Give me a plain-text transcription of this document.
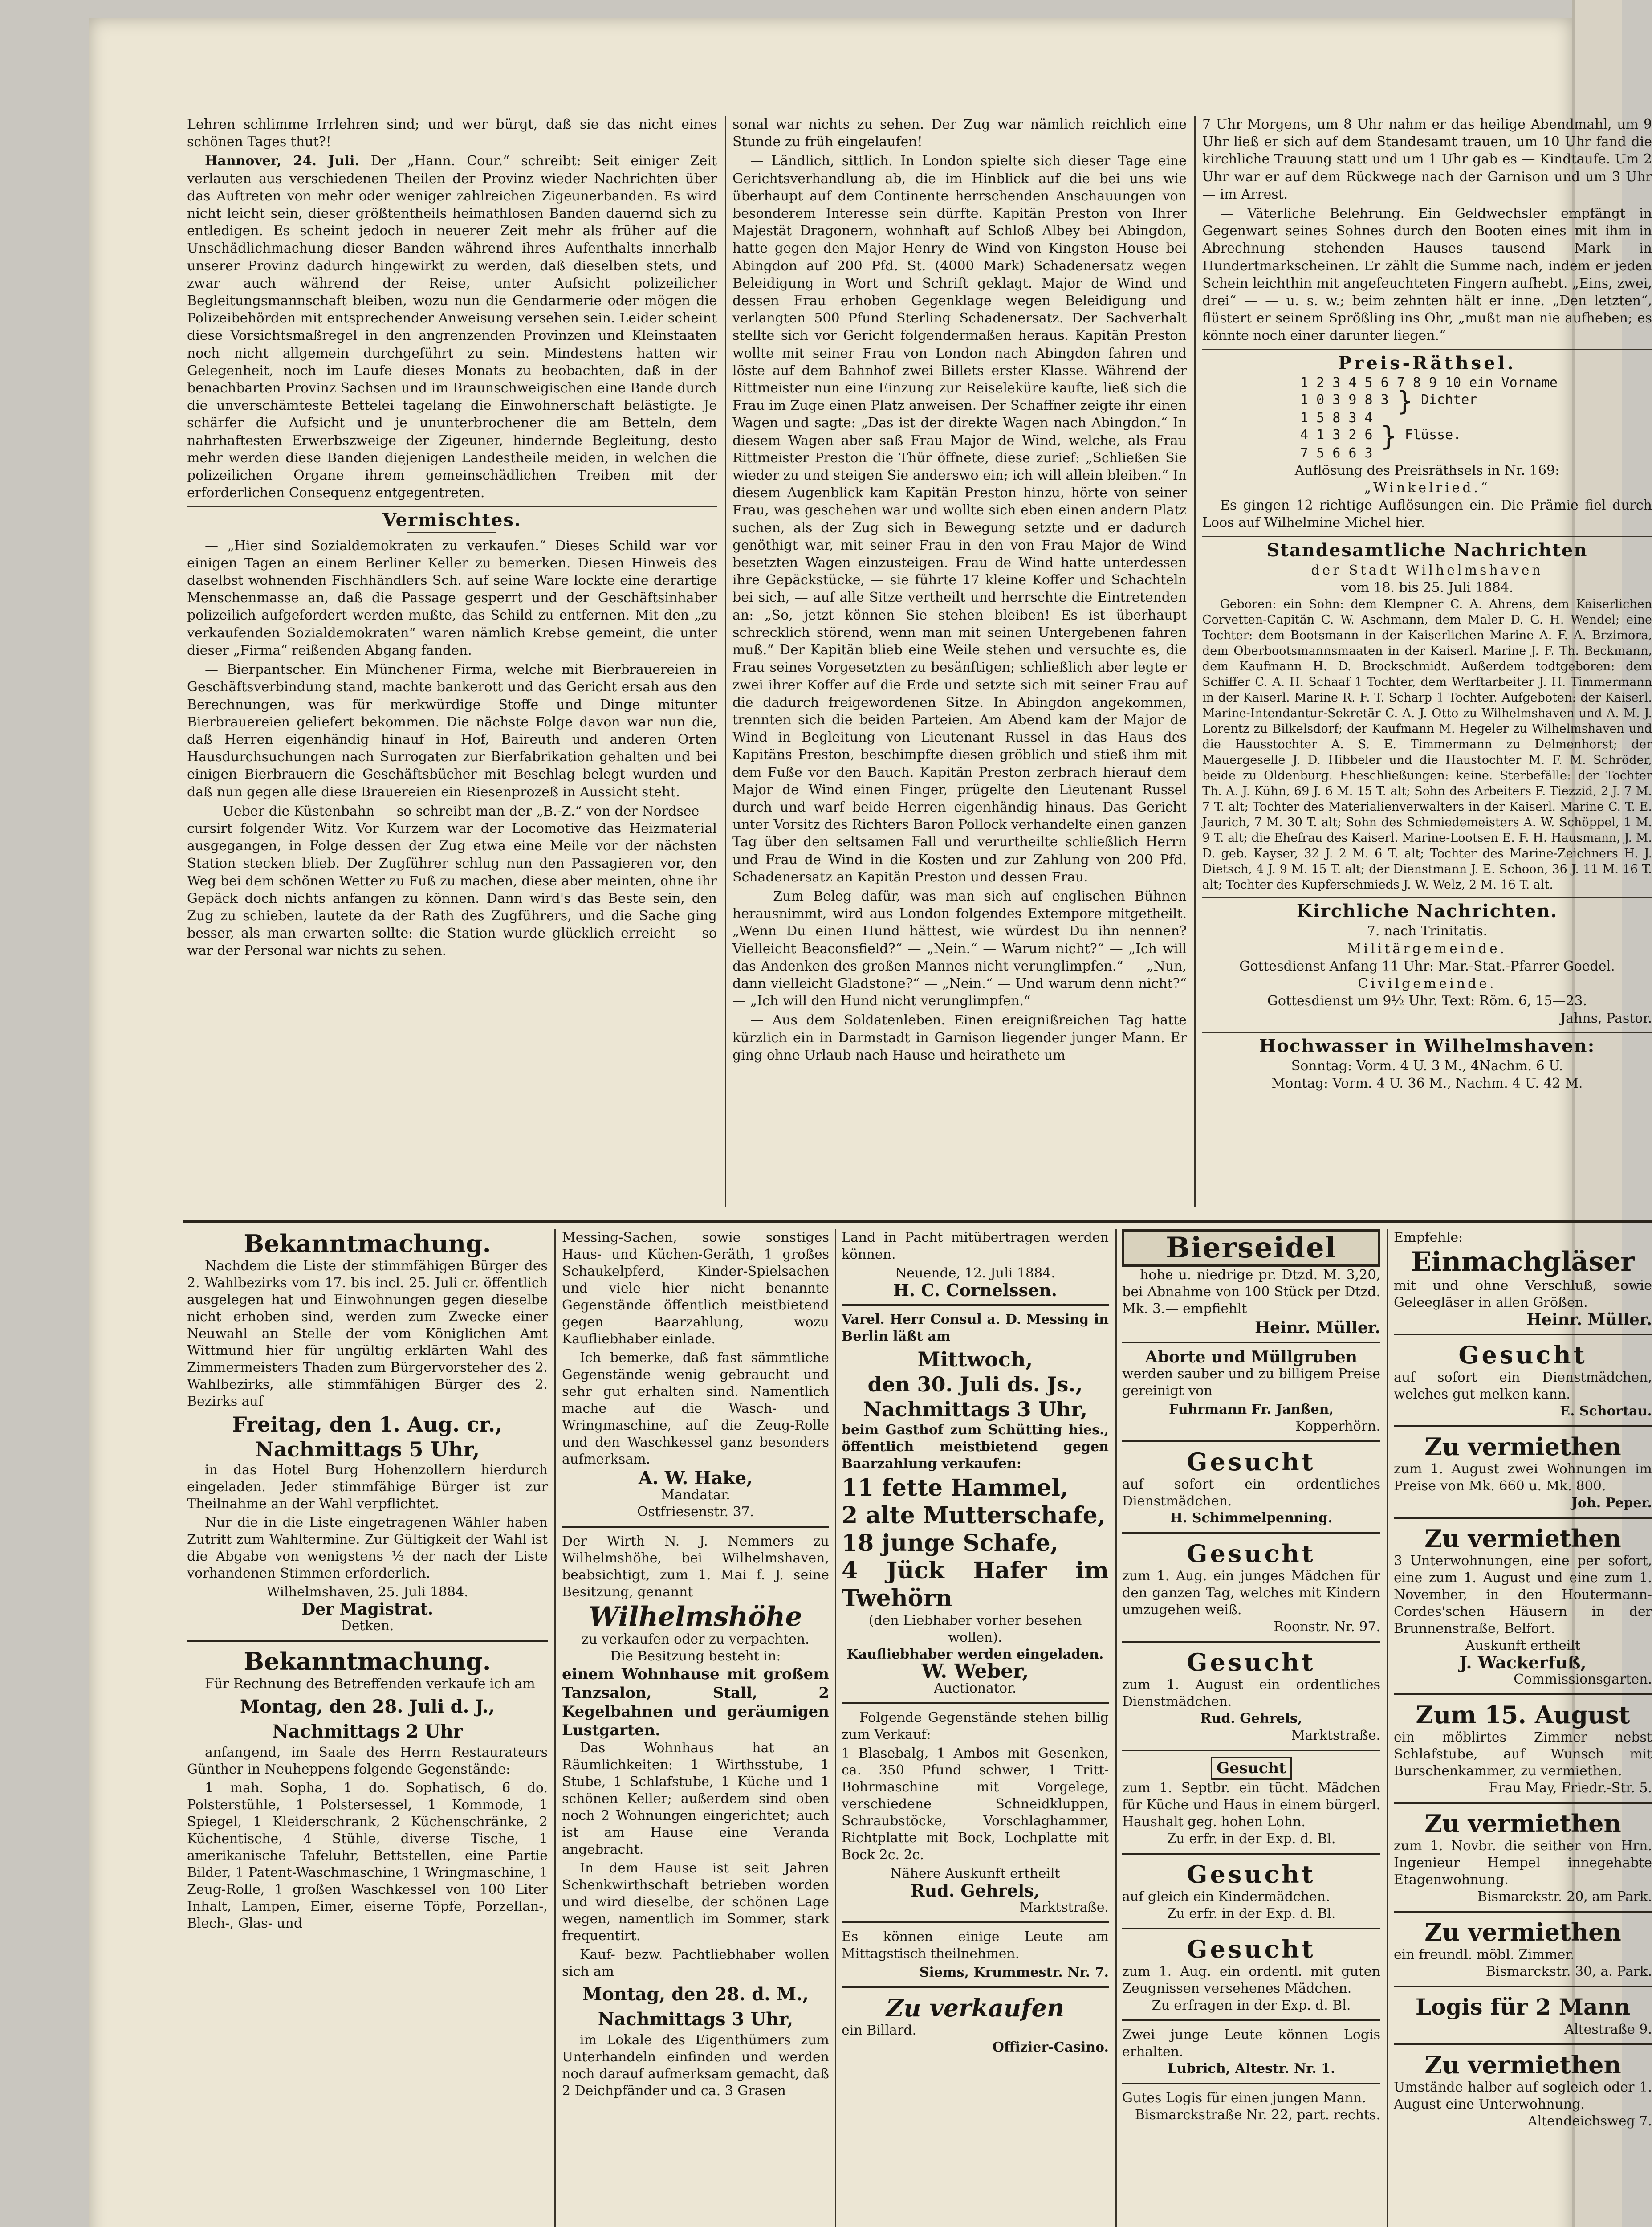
Lehren schlimme Irrlehren sind; und wer bürgt, daß sie das nicht eines schönen Tages thut?!

Hannover, 24. Juli. Der „Hann. Cour.“ schreibt: Seit einiger Zeit verlauten aus verschiedenen Theilen der Provinz wieder Nachrichten über das Auftreten von mehr oder weniger zahlreichen Zigeunerbanden. Es wird nicht leicht sein, dieser größtentheils heimathlosen Banden dauernd sich zu entledigen. Es scheint jedoch in neuerer Zeit mehr als früher auf die Unschädlichmachung dieser Banden während ihres Aufenthalts innerhalb unserer Provinz dadurch hingewirkt zu werden, daß dieselben stets, und zwar auch während der Reise, unter Aufsicht polizeilicher Begleitungsmannschaft bleiben, wozu nun die Gendarmerie oder mögen die Polizeibehörden mit entsprechender Anweisung versehen sein. Leider scheint diese Vorsichtsmaßregel in den angrenzenden Provinzen und Kleinstaaten noch nicht allgemein durchgeführt zu sein. Mindestens hatten wir Gelegenheit, noch im Laufe dieses Monats zu beobachten, daß in der benachbarten Provinz Sachsen und im Braunschweigischen eine Bande durch die unverschämteste Bettelei tagelang die Einwohnerschaft belästigte. Je schärfer die Aufsicht und je ununterbrochener die am Betteln, dem nahrhaftesten Erwerbszweige der Zigeuner, hindernde Begleitung, desto mehr werden diese Banden diejenigen Landestheile meiden, in welchen die polizeilichen Organe ihrem gemeinschädlichen Treiben mit der erforderlichen Consequenz entgegentreten.

Vermischtes.

— „Hier sind Sozialdemokraten zu verkaufen.“ Dieses Schild war vor einigen Tagen an einem Berliner Keller zu bemerken. Diesen Hinweis des daselbst wohnenden Fischhändlers Sch. auf seine Ware lockte eine derartige Menschenmasse an, daß die Passage gesperrt und der Geschäftsinhaber polizeilich aufgefordert werden mußte, das Schild zu entfernen. Mit den „zu verkaufenden Sozialdemokraten“ waren nämlich Krebse gemeint, die unter dieser „Firma“ reißenden Abgang fanden.

— Bierpantscher. Ein Münchener Firma, welche mit Bierbrauereien in Geschäftsverbindung stand, machte bankerott und das Gericht ersah aus den Berechnungen, was für merkwürdige Stoffe und Dinge mitunter Bierbrauereien geliefert bekommen. Die nächste Folge davon war nun die, daß Herren eigenhändig hinauf in Hof, Baireuth und anderen Orten Hausdurchsuchungen nach Surrogaten zur Bierfabrikation gehalten und bei einigen Bierbrauern die Geschäftsbücher mit Beschlag belegt wurden und daß nun gegen alle diese Brauereien ein Riesenprozeß in Aussicht steht.

— Ueber die Küstenbahn — so schreibt man der „B.-Z.“ von der Nordsee — cursirt folgender Witz. Vor Kurzem war der Locomotive das Heizmaterial ausgegangen, in Folge dessen der Zug etwa eine Meile vor der nächsten Station stecken blieb. Der Zugführer schlug nun den Passagieren vor, den Weg bei dem schönen Wetter zu Fuß zu machen, diese aber meinten, ohne ihr Gepäck doch nichts anfangen zu können. Dann wird's das Beste sein, den Zug zu schieben, lautete da der Rath des Zugführers, und die Sache ging besser, als man erwarten sollte: die Station wurde glücklich erreicht — so war der Personal war nichts zu sehen.

sonal war nichts zu sehen. Der Zug war nämlich reichlich eine Stunde zu früh eingelaufen!

— Ländlich, sittlich. In London spielte sich dieser Tage eine Gerichtsverhandlung ab, die im Hinblick auf die bei uns wie überhaupt auf dem Continente herrschenden Anschauungen von besonderem Interesse sein dürfte. Kapitän Preston von Ihrer Majestät Dragonern, wohnhaft auf Schloß Albey bei Abingdon, hatte gegen den Major Henry de Wind von Kingston House bei Abingdon auf 200 Pfd. St. (4000 Mark) Schadenersatz wegen Beleidigung in Wort und Schrift geklagt. Major de Wind und dessen Frau erhoben Gegenklage wegen Beleidigung und verlangten 500 Pfund Sterling Schadenersatz. Der Sachverhalt stellte sich vor Gericht folgendermaßen heraus. Kapitän Preston wollte mit seiner Frau von London nach Abingdon fahren und löste auf dem Bahnhof zwei Billets erster Klasse. Während der Rittmeister nun eine Einzung zur Reiseleküre kaufte, ließ sich die Frau im Zuge einen Platz anweisen. Der Schaffner zeigte ihr einen Wagen und sagte: „Das ist der direkte Wagen nach Abingdon.“ In diesem Wagen aber saß Frau Major de Wind, welche, als Frau Rittmeister Preston die Thür öffnete, diese zurief: „Schließen Sie wieder zu und steigen Sie anderswo ein; ich will allein bleiben.“ In diesem Augenblick kam Kapitän Preston hinzu, hörte von seiner Frau, was geschehen war und wollte sich eben einen andern Platz suchen, als der Zug sich in Bewegung setzte und er dadurch genöthigt war, mit seiner Frau in den von Frau Major de Wind besetzten Wagen einzusteigen. Frau de Wind hatte unterdessen ihre Gepäckstücke, — sie führte 17 kleine Koffer und Schachteln bei sich, — auf alle Sitze vertheilt und herrschte die Eintretenden an: „So, jetzt können Sie stehen bleiben! Es ist überhaupt schrecklich störend, wenn man mit seinen Untergebenen fahren muß.“ Der Kapitän blieb eine Weile stehen und versuchte es, die Frau seines Vorgesetzten zu besänftigen; schließlich aber legte er zwei ihrer Koffer auf die Erde und setzte sich mit seiner Frau auf die dadurch freigewordenen Sitze. In Abingdon angekommen, trennten sich die beiden Parteien. Am Abend kam der Major de Wind in Begleitung von Lieutenant Russel in das Haus des Kapitäns Preston, beschimpfte diesen gröblich und stieß ihm mit dem Fuße vor den Bauch. Kapitän Preston zerbrach hierauf dem Major de Wind einen Finger, prügelte den Lieutenant Russel durch und warf beide Herren eigenhändig hinaus. Das Gericht unter Vorsitz des Richters Baron Pollock verhandelte einen ganzen Tag über den seltsamen Fall und verurtheilte schließlich Herrn und Frau de Wind in die Kosten und zur Zahlung von 200 Pfd. Schadenersatz an Kapitän Preston und dessen Frau.

— Zum Beleg dafür, was man sich auf englischen Bühnen herausnimmt, wird aus London folgendes Extempore mitgetheilt. „Wenn Du einen Hund hättest, wie würdest Du ihn nennen? Vielleicht Beaconsfield?“ — „Nein.“ — Warum nicht?“ — „Ich will das Andenken des großen Mannes nicht verunglimpfen.“ — „Nun, dann vielleicht Gladstone?“ — „Nein.“ — Und warum denn nicht?“ — „Ich will den Hund nicht verunglimpfen.“

— Aus dem Soldatenleben. Einen ereignißreichen Tag hatte kürzlich ein in Darmstadt in Garnison liegender junger Mann. Er ging ohne Urlaub nach Hause und heirathete um

7 Uhr Morgens, um 8 Uhr nahm er das heilige Abendmahl, um 9 Uhr ließ er sich auf dem Standesamt trauen, um 10 Uhr fand die kirchliche Trauung statt und um 1 Uhr gab es — Kindtaufe. Um 2 Uhr war er auf dem Rückwege nach der Garnison und um 3 Uhr — im Arrest.

— Väterliche Belehrung. Ein Geldwechsler empfängt in Gegenwart seines Sohnes durch den Booten eines mit ihm in Abrechnung stehenden Hauses tausend Mark in Hundertmarkscheinen. Er zählt die Summe nach, indem er jeden Schein leichthin mit angefeuchteten Fingern aufhebt. „Eins, zwei, drei“ — — u. s. w.; beim zehnten hält er inne. „Den letzten“, flüstert er seinem Sprößling ins Ohr, „mußt man nie aufheben; es könnte noch einer darunter liegen.“

Preis-Räthsel.
1 2 3 4 5 6 7 8 9 10 ein Vorname
1 0 3 9 8 3 } Dichter
1 5 8 3 4
4 1 3 2 6 } Flüsse.
7 5 6 6 3
Auflösung des Preisräthsels in Nr. 169:
„Winkelried.“

Es gingen 12 richtige Auflösungen ein. Die Prämie fiel durch Loos auf Wilhelmine Michel hier.

Standesamtliche Nachrichten
der Stadt Wilhelmshaven
vom 18. bis 25. Juli 1884.

Geboren: ein Sohn: dem Klempner C. A. Ahrens, dem Kaiserlichen Corvetten-Capitän C. W. Aschmann, dem Maler D. G. H. Wendel; eine Tochter: dem Bootsmann in der Kaiserlichen Marine A. F. A. Brzimora, dem Oberbootsmannsmaaten in der Kaiserl. Marine J. F. Th. Beckmann, dem Kaufmann H. D. Brockschmidt. Außerdem todtgeboren: dem Schiffer C. A. H. Schaaf 1 Tochter, dem Werftarbeiter J. H. Timmermann in der Kaiserl. Marine R. F. T. Scharp 1 Tochter. Aufgeboten: der Kaiserl. Marine-Intendantur-Sekretär C. A. J. Otto zu Wilhelmshaven und A. M. J. Lorentz zu Bilkelsdorf; der Kaufmann M. Hegeler zu Wilhelmshaven und die Hausstochter A. S. E. Timmermann zu Delmenhorst; der Mauergeselle J. D. Hibbeler und die Haustochter M. F. M. Schröder, beide zu Oldenburg. Eheschließungen: keine. Sterbefälle: der Tochter Th. A. J. Kühn, 69 J. 6 M. 15 T. alt; Sohn des Arbeiters F. Tiezzid, 2 J. 7 M. 7 T. alt; Tochter des Materialienverwalters in der Kaiserl. Marine C. T. E. Jaurich, 7 M. 30 T. alt; Sohn des Schmiedemeisters A. W. Schöppel, 1 M. 9 T. alt; die Ehefrau des Kaiserl. Marine-Lootsen E. F. H. Hausmann, J. M. D. geb. Kayser, 32 J. 2 M. 6 T. alt; Tochter des Marine-Zeichners H. J. Dietsch, 4 J. 9 M. 15 T. alt; der Dienstmann J. E. Schoon, 36 J. 11 M. 16 T. alt; Tochter des Kupferschmieds J. W. Welz, 2 M. 16 T. alt.

Kirchliche Nachrichten.
7. nach Trinitatis.
Militärgemeinde.
Gottesdienst Anfang 11 Uhr: Mar.-Stat.-Pfarrer Goedel.
Civilgemeinde.
Gottesdienst um 9½ Uhr. Text: Röm. 6, 15—23.
Jahns, Pastor.
Hochwasser in Wilhelmshaven:
Sonntag: Vorm. 4 U. 3 M., 4Nachm. 6 U.
Montag: Vorm. 4 U. 36 M., Nachm. 4 U. 42 M.
Bekanntmachung.

Nachdem die Liste der stimmfähigen Bürger des 2. Wahlbezirks vom 17. bis incl. 25. Juli cr. öffentlich ausgelegen hat und Einwohnungen gegen dieselbe nicht erhoben sind, werden zum Zwecke einer Neuwahl an Stelle der vom Königlichen Amt Wittmund hier für ungültig erklärten Wahl des Zimmermeisters Thaden zum Bürgervorsteher des 2. Wahlbezirks, alle stimmfähigen Bürger des 2. Bezirks auf

Freitag, den 1. Aug. cr.,
Nachmittags 5 Uhr,

in das Hotel Burg Hohenzollern hierdurch eingeladen. Jeder stimmfähige Bürger ist zur Theilnahme an der Wahl verpflichtet.

Nur die in die Liste eingetragenen Wähler haben Zutritt zum Wahltermine. Zur Gültigkeit der Wahl ist die Abgabe von wenigstens ⅓ der nach der Liste vorhandenen Stimmen erforderlich.

Wilhelmshaven, 25. Juli 1884.
Der Magistrat.
Detken.
Bekanntmachung.

Für Rechnung des Betreffenden verkaufe ich am

Montag, den 28. Juli d. J.,
Nachmittags 2 Uhr

anfangend, im Saale des Herrn Restaurateurs Günther in Neuheppens folgende Gegenstände:

1 mah. Sopha, 1 do. Sophatisch, 6 do. Polsterstühle, 1 Polstersessel, 1 Kommode, 1 Spiegel, 1 Kleiderschrank, 2 Küchenschränke, 2 Küchentische, 4 Stühle, diverse Tische, 1 amerikanische Tafeluhr, Bettstellen, eine Partie Bilder, 1 Patent-Waschmaschine, 1 Wringmaschine, 1 Zeug-Rolle, 1 großen Waschkessel von 100 Liter Inhalt, Lampen, Eimer, eiserne Töpfe, Porzellan-, Blech-, Glas- und

Messing-Sachen, sowie sonstiges Haus- und Küchen-Geräth, 1 großes Schaukelpferd, Kinder-Spielsachen und viele hier nicht benannte Gegenstände öffentlich meistbietend gegen Baarzahlung, wozu Kaufliebhaber einlade.

Ich bemerke, daß fast sämmtliche Gegenstände wenig gebraucht und sehr gut erhalten sind. Namentlich mache auf die Wasch- und Wringmaschine, auf die Zeug-Rolle und den Waschkessel ganz besonders aufmerksam.

A. W. Hake,
Mandatar.
Ostfriesenstr. 37.

Der Wirth N. J. Nemmers zu Wilhelmshöhe, bei Wilhelmshaven, beabsichtigt, zum 1. Mai f. J. seine Besitzung, genannt

Wilhelmshöhe
zu verkaufen oder zu verpachten.
Die Besitzung besteht in:
einem Wohnhause mit großem Tanzsalon, Stall, 2 Kegelbahnen und geräumigen Lustgarten.

Das Wohnhaus hat an Räumlichkeiten: 1 Wirthsstube, 1 Stube, 1 Schlafstube, 1 Küche und 1 schönen Keller; außerdem sind oben noch 2 Wohnungen eingerichtet; auch ist am Hause eine Veranda angebracht.

In dem Hause ist seit Jahren Schenkwirthschaft betrieben worden und wird dieselbe, der schönen Lage wegen, namentlich im Sommer, stark frequentirt.

Kauf- bezw. Pachtliebhaber wollen sich am

Montag, den 28. d. M.,
Nachmittags 3 Uhr,

im Lokale des Eigenthümers zum Unterhandeln einfinden und werden noch darauf aufmerksam gemacht, daß 2 Deichpfänder und ca. 3 Grasen

Land in Pacht mitübertragen werden können.

Neuende, 12. Juli 1884.
H. C. Cornelssen.

Varel. Herr Consul a. D. Messing in Berlin läßt am

Mittwoch,
den 30. Juli ds. Js.,
Nachmittags 3 Uhr,

beim Gasthof zum Schütting hies., öffentlich meistbietend gegen Baarzahlung verkaufen:

11 fette Hammel,
2 alte Mutterschafe,
18 junge Schafe,
4 Jück Hafer im Twehörn
(den Liebhaber vorher besehen wollen).
Kaufliebhaber werden eingeladen.
W. Weber,
Auctionator.

Folgende Gegenstände stehen billig zum Verkauf:

1 Blasebalg, 1 Ambos mit Gesenken, ca. 350 Pfund schwer, 1 Tritt-Bohrmaschine mit Vorgelege, verschiedene Schneidkluppen, Schraubstöcke, Vorschlaghammer, Richtplatte mit Bock, Lochplatte mit Bock 2c. 2c.

Nähere Auskunft ertheilt
Rud. Gehrels,
Marktstraße.

Es können einige Leute am Mittagstisch theilnehmen.

Siems, Krummestr. Nr. 7.
Zu verkaufen
ein Billard.
Offizier-Casino.
Bierseidel

hohe u. niedrige pr. Dtzd. M. 3,20, bei Abnahme von 100 Stück per Dtzd. Mk. 3.— empfiehlt

Heinr. Müller.
Aborte und Müllgruben

werden sauber und zu billigem Preise gereinigt von

Fuhrmann Fr. Janßen,
Kopperhörn.
Gesucht
auf sofort ein ordentliches Dienstmädchen.
H. Schimmelpenning.
Gesucht
zum 1. Aug. ein junges Mädchen für den ganzen Tag, welches mit Kindern umzugehen weiß.
Roonstr. Nr. 97.
Gesucht
zum 1. August ein ordentliches Dienstmädchen.
Rud. Gehrels,
Marktstraße.
Gesucht
zum 1. Septbr. ein tücht. Mädchen für Küche und Haus in einem bürgerl. Haushalt geg. hohen Lohn.
Zu erfr. in der Exp. d. Bl.
Gesucht
auf gleich ein Kindermädchen.
Zu erfr. in der Exp. d. Bl.
Gesucht
zum 1. Aug. ein ordentl. mit guten Zeugnissen versehenes Mädchen.
Zu erfragen in der Exp. d. Bl.
Zwei junge Leute können Logis erhalten.
Lubrich, Altestr. Nr. 1.
Gutes Logis für einen jungen Mann.
Bismarckstraße Nr. 22, part. rechts.
Empfehle:
Einmachgläser
mit und ohne Verschluß, sowie Geleegläser in allen Größen.
Heinr. Müller.
Gesucht
auf sofort ein Dienstmädchen, welches gut melken kann.
E. Schortau.
Zu vermiethen
zum 1. August zwei Wohnungen im Preise von Mk. 660 u. Mk. 800.
Joh. Peper.
Zu vermiethen
3 Unterwohnungen, eine per sofort, eine zum 1. August und eine zum 1. November, in den Houtermann-Cordes'schen Häusern in der Brunnenstraße, Belfort.
Auskunft ertheilt
J. Wackerfuß,
Commissionsgarten.
Zum 15. August
ein möblirtes Zimmer nebst Schlafstube, auf Wunsch mit Burschenkammer, zu vermiethen.
Frau May, Friedr.-Str. 5.
Zu vermiethen
zum 1. Novbr. die seither von Hrn. Ingenieur Hempel innegehabte Etagenwohnung.
Bismarckstr. 20, am Park.
Zu vermiethen
ein freundl. möbl. Zimmer.
Bismarckstr. 30, a. Park.
Logis für 2 Mann
Altestraße 9.
Zu vermiethen
Umstände halber auf sogleich oder 1. August eine Unterwohnung.
Altendeichsweg 7.
